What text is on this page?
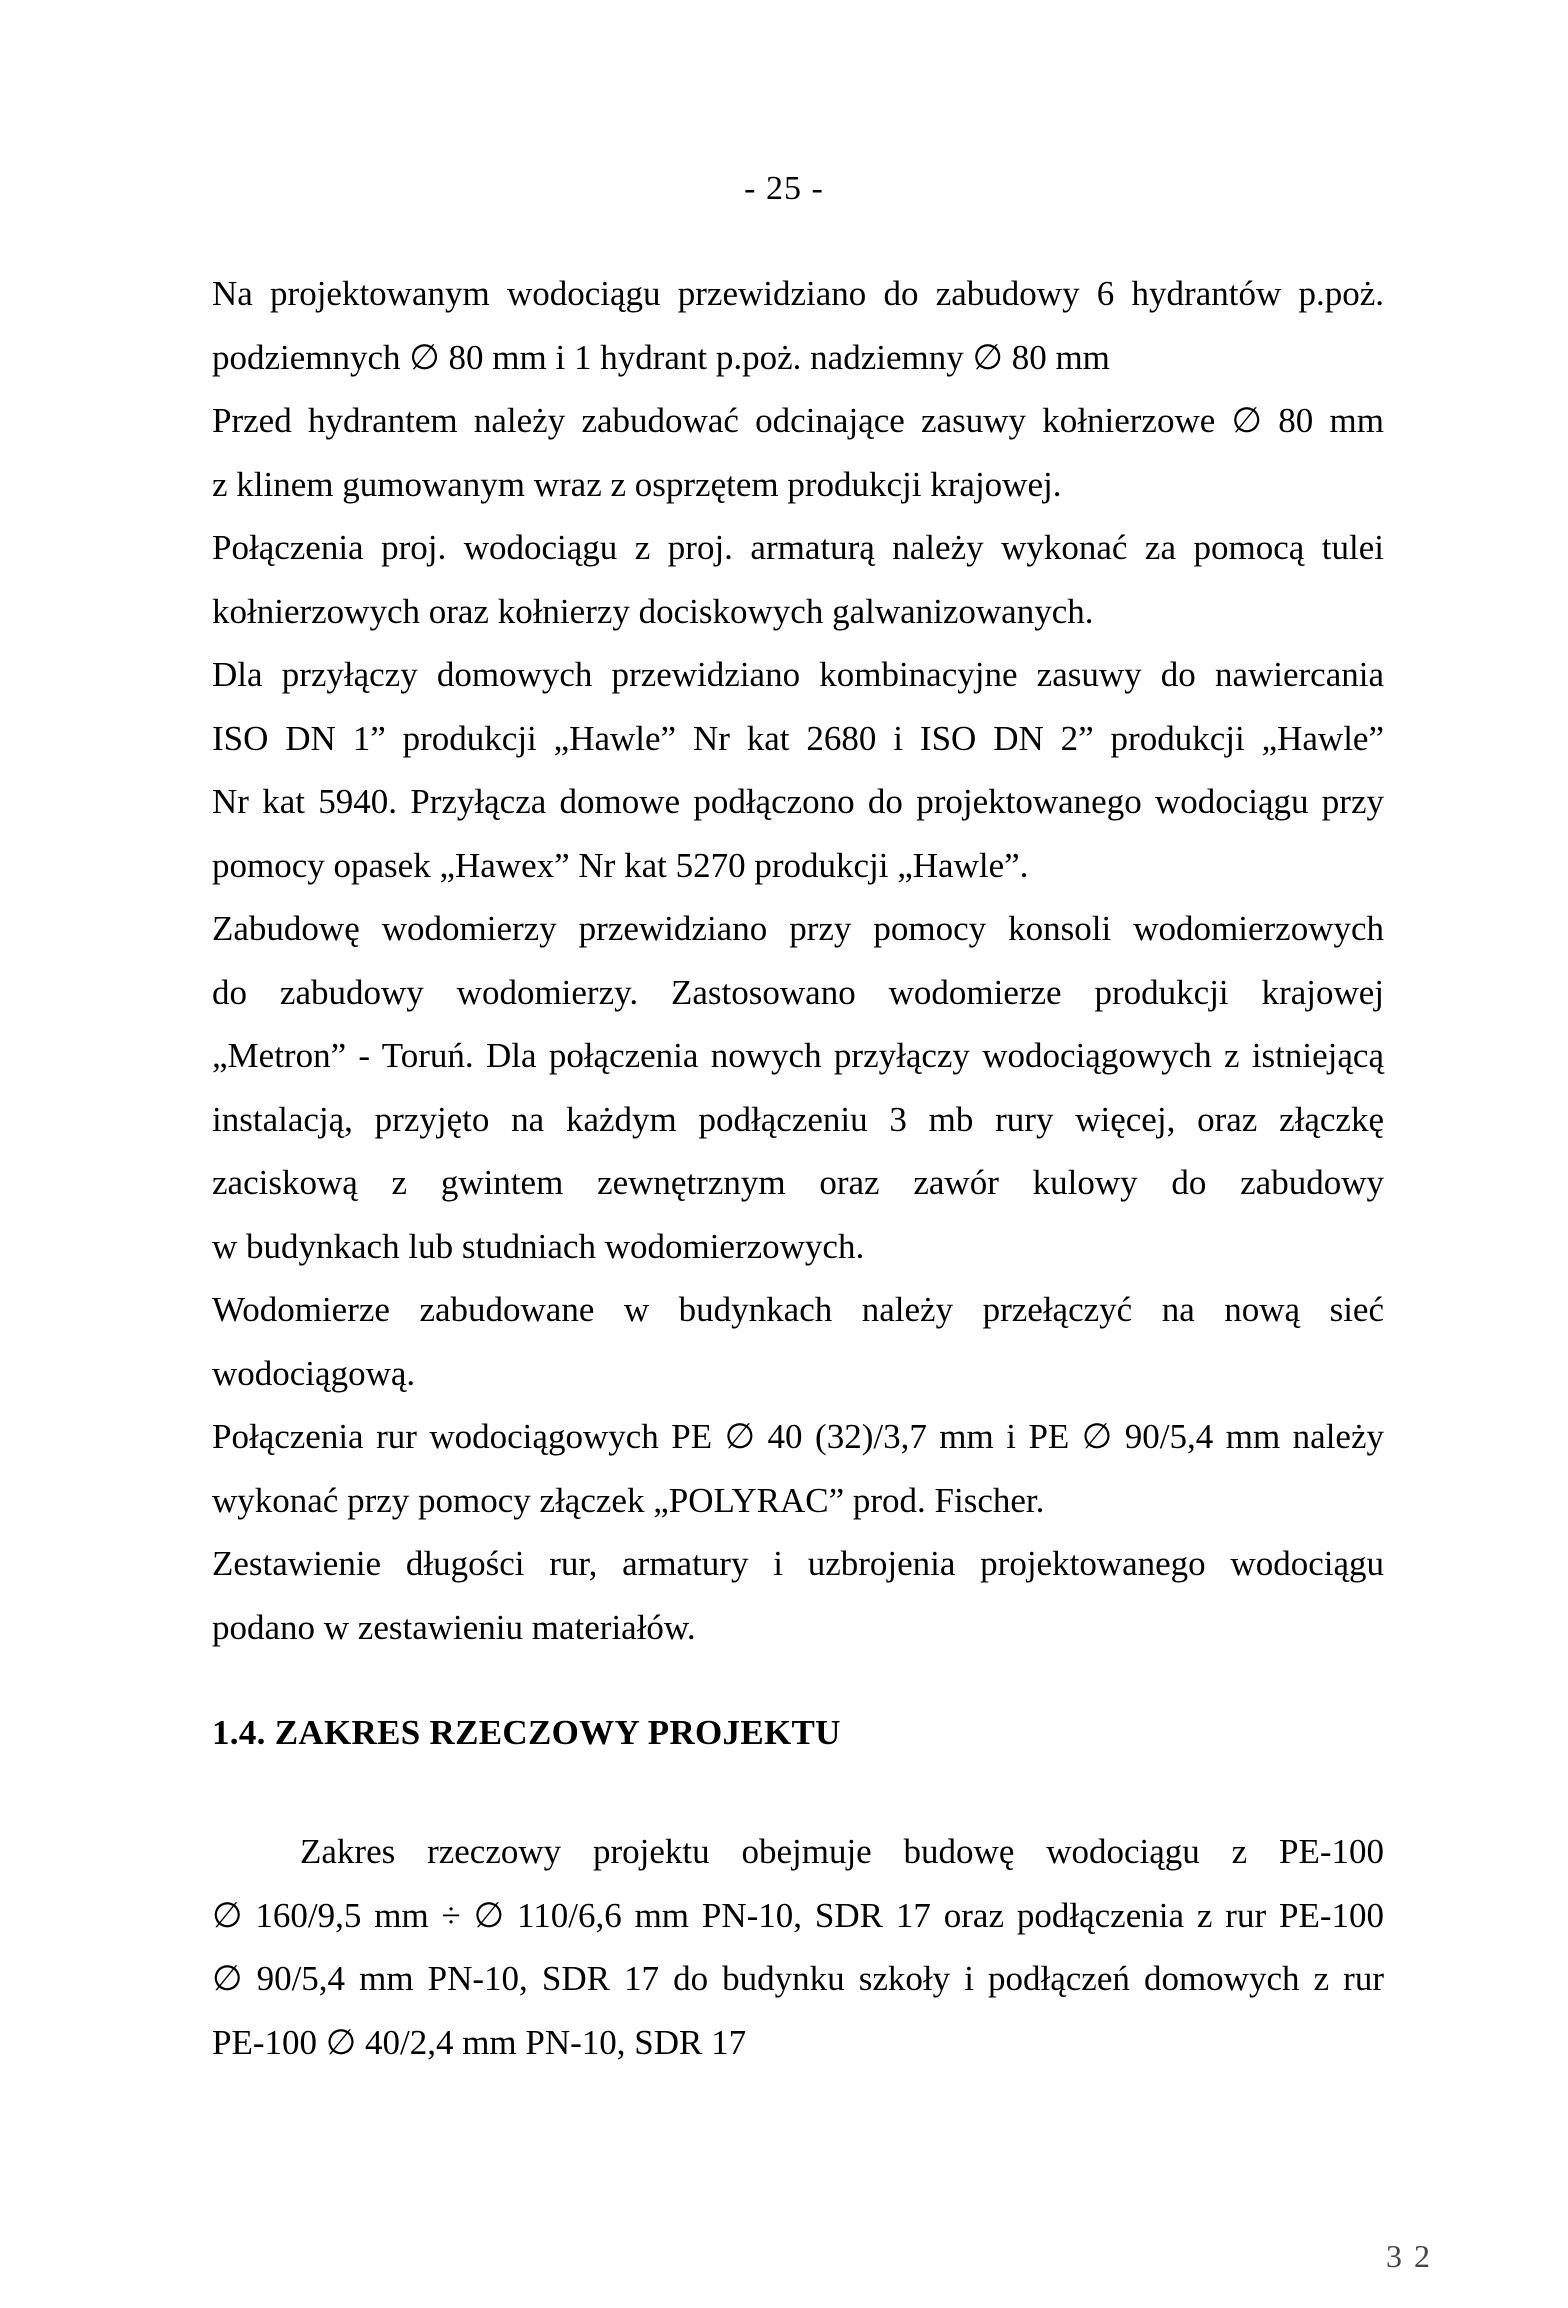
- 25 -
Na projektowanym wodociągu przewidziano do zabudowy 6 hydrantów p.poż.
podziemnych ∅ 80 mm i 1 hydrant p.poż. nadziemny ∅ 80 mm
Przed hydrantem należy zabudować odcinające zasuwy kołnierzowe ∅ 80 mm
z klinem gumowanym wraz z osprzętem produkcji krajowej.
Połączenia proj. wodociągu z proj. armaturą należy wykonać za pomocą tulei
kołnierzowych oraz kołnierzy dociskowych galwanizowanych.
Dla przyłączy domowych przewidziano kombinacyjne zasuwy do nawiercania
ISO DN 1” produkcji „Hawle” Nr kat 2680 i ISO DN 2” produkcji „Hawle”
Nr kat 5940. Przyłącza domowe podłączono do projektowanego wodociągu przy
pomocy opasek „Hawex” Nr kat 5270 produkcji „Hawle”.
Zabudowę wodomierzy przewidziano przy pomocy konsoli wodomierzowych
do zabudowy wodomierzy. Zastosowano wodomierze produkcji krajowej
„Metron” - Toruń. Dla połączenia nowych przyłączy wodociągowych z istniejącą
instalacją, przyjęto na każdym podłączeniu 3 mb rury więcej, oraz złączkę
zaciskową z gwintem zewnętrznym oraz zawór kulowy do zabudowy
w budynkach lub studniach wodomierzowych.
Wodomierze zabudowane w budynkach należy przełączyć na nową sieć
wodociągową.
Połączenia rur wodociągowych PE ∅ 40 (32)/3,7 mm i PE ∅ 90/5,4 mm należy
wykonać przy pomocy złączek „POLYRAC” prod. Fischer.
Zestawienie długości rur, armatury i uzbrojenia projektowanego wodociągu
podano w zestawieniu materiałów.
1.4. ZAKRES RZECZOWY PROJEKTU
Zakres rzeczowy projektu obejmuje budowę wodociągu z PE-100
∅ 160/9,5 mm ÷ ∅ 110/6,6 mm PN-10, SDR 17 oraz podłączenia z rur PE-100
∅ 90/5,4 mm PN-10, SDR 17 do budynku szkoły i podłączeń domowych z rur
PE-100 ∅ 40/2,4 mm PN-10, SDR 17
3 2
